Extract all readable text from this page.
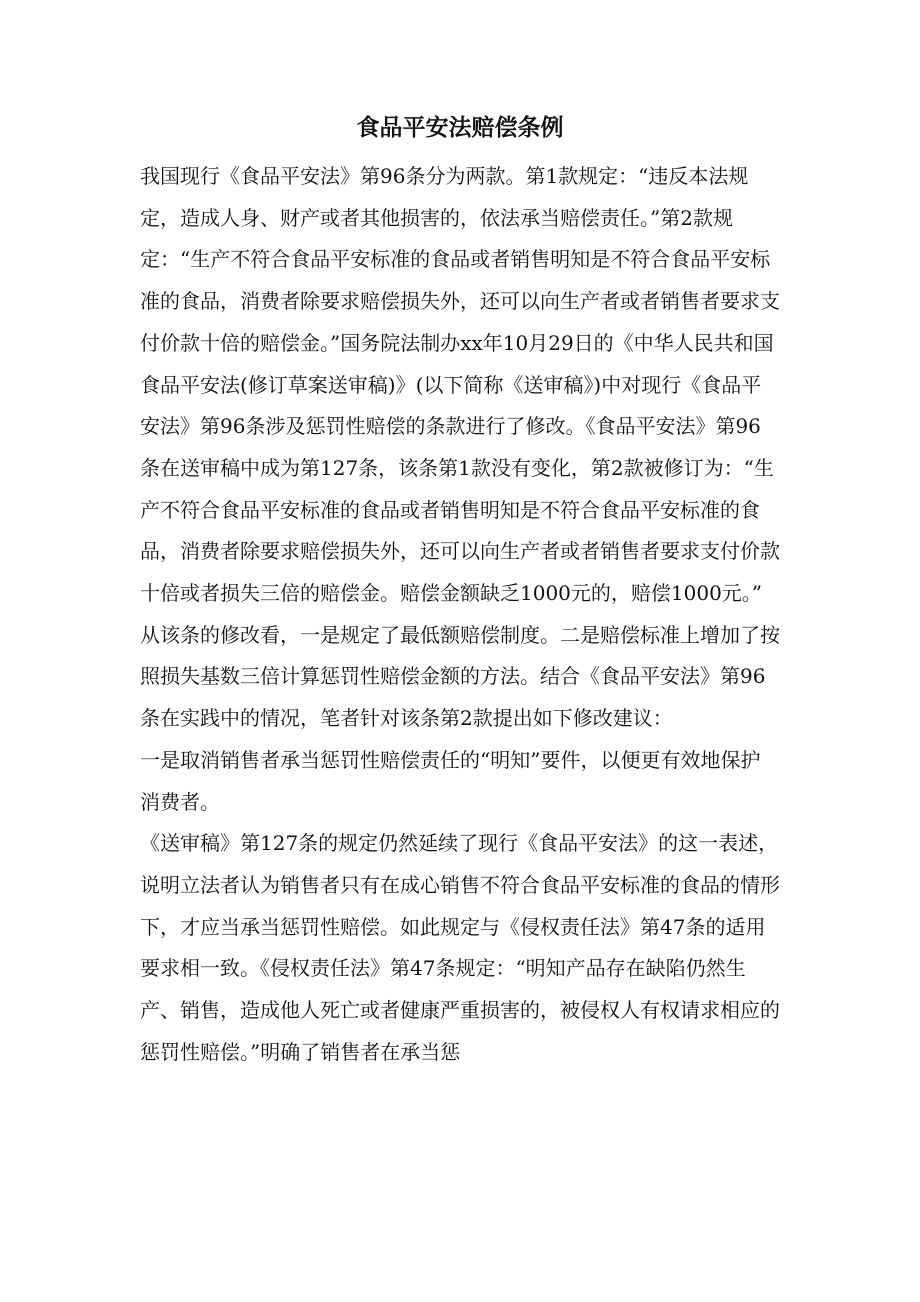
食品平安法赔偿条例

我国现行《食品平安法》第96条分为两款。第1款规定：“违反本法规定，造成人身、财产或者其他损害的，依法承当赔偿责任。”第2款规定：“生产不符合食品平安标准的食品或者销售明知是不符合食品平安标准的食品，消费者除要求赔偿损失外，还可以向生产者或者销售者要求支付价款十倍的赔偿金。”国务院法制办xx年10月29日的《中华人民共和国食品平安法(修订草案送审稿)》(以下简称《送审稿》)中对现行《食品平安法》第96条涉及惩罚性赔偿的条款进行了修改。《食品平安法》第96条在送审稿中成为第127条，该条第1款没有变化，第2款被修订为：“生产不符合食品平安标准的食品或者销售明知是不符合食品平安标准的食品，消费者除要求赔偿损失外，还可以向生产者或者销售者要求支付价款十倍或者损失三倍的赔偿金。赔偿金额缺乏1000元的，赔偿1000元。”

从该条的修改看，一是规定了最低额赔偿制度。二是赔偿标准上增加了按照损失基数三倍计算惩罚性赔偿金额的方法。结合《食品平安法》第96条在实践中的情况，笔者针对该条第2款提出如下修改建议：

一是取消销售者承当惩罚性赔偿责任的“明知”要件，以便更有效地保护消费者。

《送审稿》第127条的规定仍然延续了现行《食品平安法》的这一表述，说明立法者认为销售者只有在成心销售不符合食品平安标准的食品的情形下，才应当承当惩罚性赔偿。如此规定与《侵权责任法》第47条的适用要求相一致。《侵权责任法》第47条规定：“明知产品存在缺陷仍然生产、销售，造成他人死亡或者健康严重损害的，被侵权人有权请求相应的惩罚性赔偿。”明确了销售者在承当惩
